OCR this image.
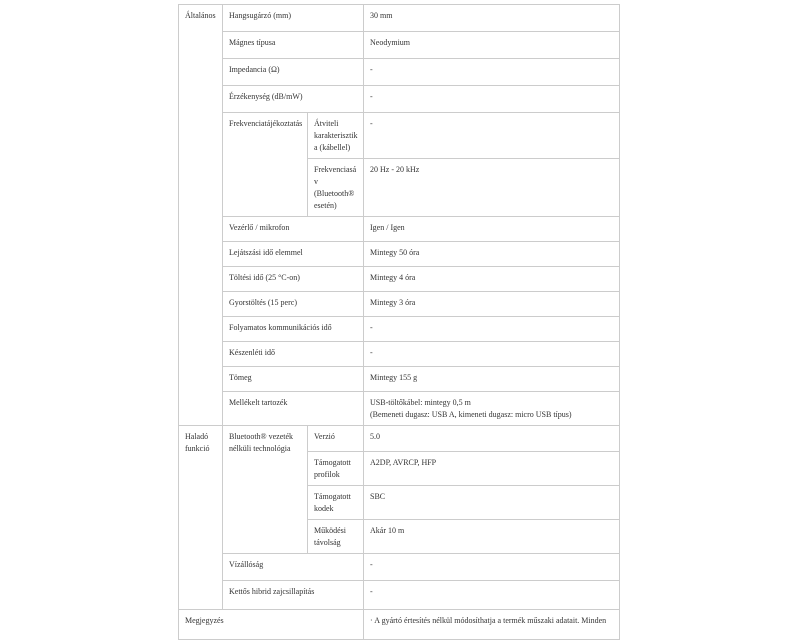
Általános	Hangsugárzó (mm)		30 mm
	Mágnes típusa		Neodymium
	Impedancia (Ω)		-
	Érzékenység (dB/mW)		-
	Frekvenciatájékoztatás	Átviteli karakterisztika (kábellel)	-
		Frekvenciasáv (Bluetooth® esetén)	20 Hz - 20 kHz
	Vezérlő / mikrofon		Igen / Igen
	Lejátszási idő elemmel		Mintegy 50 óra
	Töltési idő (25 °C-on)		Mintegy 4 óra
	Gyorstöltés (15 perc)		Mintegy 3 óra
	Folyamatos kommunikációs idő		-
	Készenléti idő		-
	Tömeg		Mintegy 155 g
	Mellékelt tartozék		USB-töltőkábel: mintegy 0,5 m
(Bemeneti dugasz: USB A, kimeneti dugasz: micro USB típus)

Haladó funkció	Bluetooth® vezeték nélküli technológia	Verzió	5.0
		Támogatott profilok	A2DP, AVRCP, HFP
		Támogatott kodek	SBC
		Működési távolság	Akár 10 m
	Vízállóság		-
	Kettős hibrid zajcsillapítás		-
Megjegyzés			· A gyártó értesítés nélkül módosíthatja a termék műszaki adatait. Minden
